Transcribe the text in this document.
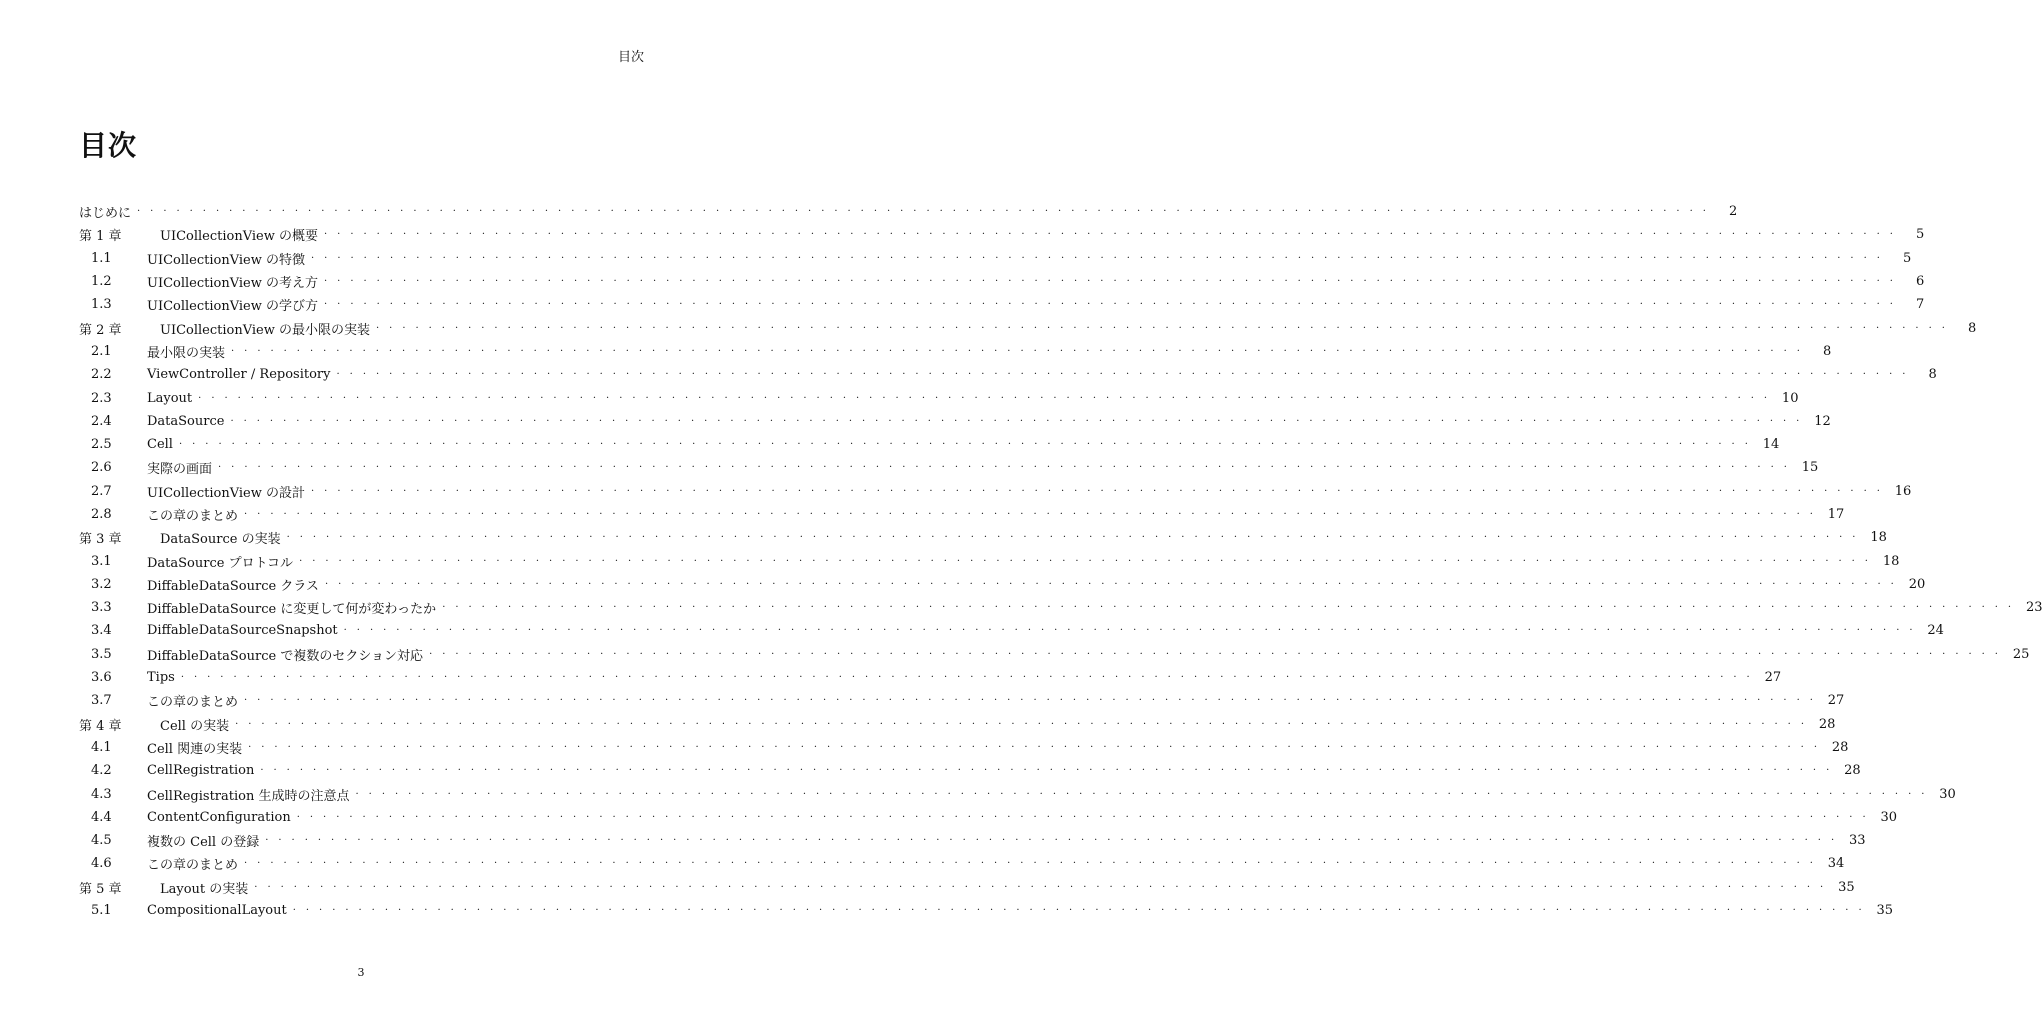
目次
目次
はじめに · · · · · · · · · · · · · · · · · · · · · · · · · · · · · · · · · · · · · · · · · · · · · · · · · · · · · · · · · · · · · · · · · · · · · · · · · · · · · · · · · · · · · · · · · · · · · · · · · · · · · · · · · · · · · · · · · · · · · · · ·	2
第 1 章	UICollectionView の概要 · · · · · · · · · · · · · · · · · · · · · · · · · · · · · · · · · · · · · · · · · · · · · · · · · · · · · · · · · · · · · · · · · · · · · · · · · · · · · · · · · · · · · · · · · · · · · · · · · · · · · · · · · · · · · · · · · · · · · · · ·	5
1.1	UICollectionView の特徴 · · · · · · · · · · · · · · · · · · · · · · · · · · · · · · · · · · · · · · · · · · · · · · · · · · · · · · · · · · · · · · · · · · · · · · · · · · · · · · · · · · · · · · · · · · · · · · · · · · · · · · · · · · · · · · · · · · · · · · · ·	5
1.2	UICollectionView の考え方 · · · · · · · · · · · · · · · · · · · · · · · · · · · · · · · · · · · · · · · · · · · · · · · · · · · · · · · · · · · · · · · · · · · · · · · · · · · · · · · · · · · · · · · · · · · · · · · · · · · · · · · · · · · · · · · · · · · · · · · ·	6
1.3	UICollectionView の学び方 · · · · · · · · · · · · · · · · · · · · · · · · · · · · · · · · · · · · · · · · · · · · · · · · · · · · · · · · · · · · · · · · · · · · · · · · · · · · · · · · · · · · · · · · · · · · · · · · · · · · · · · · · · · · · · · · · · · · · · · ·	7
第 2 章	UICollectionView の最小限の実装 · · · · · · · · · · · · · · · · · · · · · · · · · · · · · · · · · · · · · · · · · · · · · · · · · · · · · · · · · · · · · · · · · · · · · · · · · · · · · · · · · · · · · · · · · · · · · · · · · · · · · · · · · · · · · · · · · · · · · · · ·	8
2.1	最小限の実装 · · · · · · · · · · · · · · · · · · · · · · · · · · · · · · · · · · · · · · · · · · · · · · · · · · · · · · · · · · · · · · · · · · · · · · · · · · · · · · · · · · · · · · · · · · · · · · · · · · · · · · · · · · · · · · · · · · · · · · · ·	8
2.2	ViewController / Repository · · · · · · · · · · · · · · · · · · · · · · · · · · · · · · · · · · · · · · · · · · · · · · · · · · · · · · · · · · · · · · · · · · · · · · · · · · · · · · · · · · · · · · · · · · · · · · · · · · · · · · · · · · · · · · · · · · · · · · · ·	8
2.3	Layout · · · · · · · · · · · · · · · · · · · · · · · · · · · · · · · · · · · · · · · · · · · · · · · · · · · · · · · · · · · · · · · · · · · · · · · · · · · · · · · · · · · · · · · · · · · · · · · · · · · · · · · · · · · · · · · · · · · · · · · · 10
2.4	DataSource · · · · · · · · · · · · · · · · · · · · · · · · · · · · · · · · · · · · · · · · · · · · · · · · · · · · · · · · · · · · · · · · · · · · · · · · · · · · · · · · · · · · · · · · · · · · · · · · · · · · · · · · · · · · · · · · · · · · · · · · 12
2.5	Cell · · · · · · · · · · · · · · · · · · · · · · · · · · · · · · · · · · · · · · · · · · · · · · · · · · · · · · · · · · · · · · · · · · · · · · · · · · · · · · · · · · · · · · · · · · · · · · · · · · · · · · · · · · · · · · · · · · · · · · · · 14
2.6	実際の画面 · · · · · · · · · · · · · · · · · · · · · · · · · · · · · · · · · · · · · · · · · · · · · · · · · · · · · · · · · · · · · · · · · · · · · · · · · · · · · · · · · · · · · · · · · · · · · · · · · · · · · · · · · · · · · · · · · · · · · · · · 15
2.7	UICollectionView の設計 · · · · · · · · · · · · · · · · · · · · · · · · · · · · · · · · · · · · · · · · · · · · · · · · · · · · · · · · · · · · · · · · · · · · · · · · · · · · · · · · · · · · · · · · · · · · · · · · · · · · · · · · · · · · · · · · · · · · · · · · 16
2.8	この章のまとめ · · · · · · · · · · · · · · · · · · · · · · · · · · · · · · · · · · · · · · · · · · · · · · · · · · · · · · · · · · · · · · · · · · · · · · · · · · · · · · · · · · · · · · · · · · · · · · · · · · · · · · · · · · · · · · · · · · · · · · · · 17
第 3 章	DataSource の実装 · · · · · · · · · · · · · · · · · · · · · · · · · · · · · · · · · · · · · · · · · · · · · · · · · · · · · · · · · · · · · · · · · · · · · · · · · · · · · · · · · · · · · · · · · · · · · · · · · · · · · · · · · · · · · · · · · · · · · · · · 18
3.1	DataSource プロトコル · · · · · · · · · · · · · · · · · · · · · · · · · · · · · · · · · · · · · · · · · · · · · · · · · · · · · · · · · · · · · · · · · · · · · · · · · · · · · · · · · · · · · · · · · · · · · · · · · · · · · · · · · · · · · · · · · · · · · · · · 18
3.2	DiffableDataSource クラス · · · · · · · · · · · · · · · · · · · · · · · · · · · · · · · · · · · · · · · · · · · · · · · · · · · · · · · · · · · · · · · · · · · · · · · · · · · · · · · · · · · · · · · · · · · · · · · · · · · · · · · · · · · · · · · · · · · · · · · · 20
3.3	DiffableDataSource に変更して何が変わったか · · · · · · · · · · · · · · · · · · · · · · · · · · · · · · · · · · · · · · · · · · · · · · · · · · · · · · · · · · · · · · · · · · · · · · · · · · · · · · · · · · · · · · · · · · · · · · · · · · · · · · · · · · · · · · · · · · · · · · · · 23
3.4	DiffableDataSourceSnapshot · · · · · · · · · · · · · · · · · · · · · · · · · · · · · · · · · · · · · · · · · · · · · · · · · · · · · · · · · · · · · · · · · · · · · · · · · · · · · · · · · · · · · · · · · · · · · · · · · · · · · · · · · · · · · · · · · · · · · · · · 24
3.5	DiffableDataSource で複数のセクション対応 · · · · · · · · · · · · · · · · · · · · · · · · · · · · · · · · · · · · · · · · · · · · · · · · · · · · · · · · · · · · · · · · · · · · · · · · · · · · · · · · · · · · · · · · · · · · · · · · · · · · · · · · · · · · · · · · · · · · · · · · 25
3.6	Tips · · · · · · · · · · · · · · · · · · · · · · · · · · · · · · · · · · · · · · · · · · · · · · · · · · · · · · · · · · · · · · · · · · · · · · · · · · · · · · · · · · · · · · · · · · · · · · · · · · · · · · · · · · · · · · · · · · · · · · · · 27
3.7	この章のまとめ · · · · · · · · · · · · · · · · · · · · · · · · · · · · · · · · · · · · · · · · · · · · · · · · · · · · · · · · · · · · · · · · · · · · · · · · · · · · · · · · · · · · · · · · · · · · · · · · · · · · · · · · · · · · · · · · · · · · · · · · 27
第 4 章	Cell の実装 · · · · · · · · · · · · · · · · · · · · · · · · · · · · · · · · · · · · · · · · · · · · · · · · · · · · · · · · · · · · · · · · · · · · · · · · · · · · · · · · · · · · · · · · · · · · · · · · · · · · · · · · · · · · · · · · · · · · · · · · 28
4.1	Cell 関連の実装 · · · · · · · · · · · · · · · · · · · · · · · · · · · · · · · · · · · · · · · · · · · · · · · · · · · · · · · · · · · · · · · · · · · · · · · · · · · · · · · · · · · · · · · · · · · · · · · · · · · · · · · · · · · · · · · · · · · · · · · · 28
4.2	CellRegistration · · · · · · · · · · · · · · · · · · · · · · · · · · · · · · · · · · · · · · · · · · · · · · · · · · · · · · · · · · · · · · · · · · · · · · · · · · · · · · · · · · · · · · · · · · · · · · · · · · · · · · · · · · · · · · · · · · · · · · · · 28
4.3	CellRegistration 生成時の注意点 · · · · · · · · · · · · · · · · · · · · · · · · · · · · · · · · · · · · · · · · · · · · · · · · · · · · · · · · · · · · · · · · · · · · · · · · · · · · · · · · · · · · · · · · · · · · · · · · · · · · · · · · · · · · · · · · · · · · · · · · 30
4.4	ContentConfiguration · · · · · · · · · · · · · · · · · · · · · · · · · · · · · · · · · · · · · · · · · · · · · · · · · · · · · · · · · · · · · · · · · · · · · · · · · · · · · · · · · · · · · · · · · · · · · · · · · · · · · · · · · · · · · · · · · · · · · · · · 30
4.5	複数の Cell の登録 · · · · · · · · · · · · · · · · · · · · · · · · · · · · · · · · · · · · · · · · · · · · · · · · · · · · · · · · · · · · · · · · · · · · · · · · · · · · · · · · · · · · · · · · · · · · · · · · · · · · · · · · · · · · · · · · · · · · · · · · 33
4.6	この章のまとめ · · · · · · · · · · · · · · · · · · · · · · · · · · · · · · · · · · · · · · · · · · · · · · · · · · · · · · · · · · · · · · · · · · · · · · · · · · · · · · · · · · · · · · · · · · · · · · · · · · · · · · · · · · · · · · · · · · · · · · · · 34
第 5 章	Layout の実装 · · · · · · · · · · · · · · · · · · · · · · · · · · · · · · · · · · · · · · · · · · · · · · · · · · · · · · · · · · · · · · · · · · · · · · · · · · · · · · · · · · · · · · · · · · · · · · · · · · · · · · · · · · · · · · · · · · · · · · · · 35
5.1	CompositionalLayout · · · · · · · · · · · · · · · · · · · · · · · · · · · · · · · · · · · · · · · · · · · · · · · · · · · · · · · · · · · · · · · · · · · · · · · · · · · · · · · · · · · · · · · · · · · · · · · · · · · · · · · · · · · · · · · · · · · · · · · · 35
3
